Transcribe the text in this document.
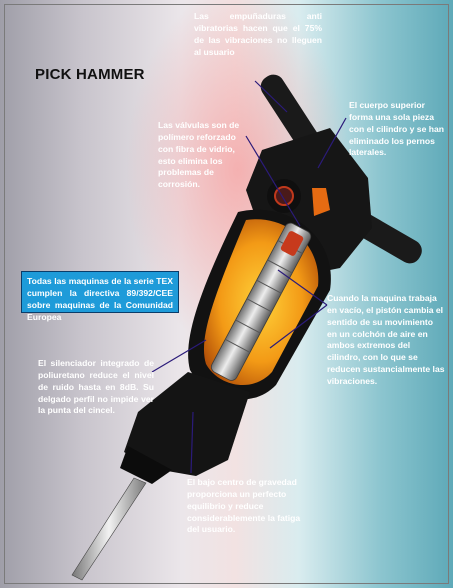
PICK HAMMER

Las empuñaduras anti vibratorias hacen que el 75% de las vibraciones no lleguen al usuario

Las válvulas son de polímero reforzado con fibra de vidrio, esto elimina los problemas de corrosión.

El cuerpo superior forma una sola pieza con el cilindro y se han eliminado los pernos laterales.

Cuando la maquina trabaja en vacío, el pistón cambia el sentido de su movimiento en un colchón de aire en ambos extremos del cilindro, con lo que se reducen sustancialmente las vibraciones.

El silenciador integrado de poliuretano reduce el nivel de ruido hasta en 8dB. Su delgado perfil no impide ver la punta del cincel.

El bajo centro de gravedad proporciona un perfecto equilibrio y reduce considerablemente la fatiga del usuario.

Todas las maquinas de la serie TEX cumplen la directiva 89/392/CEE sobre maquinas de la Comunidad Europea
